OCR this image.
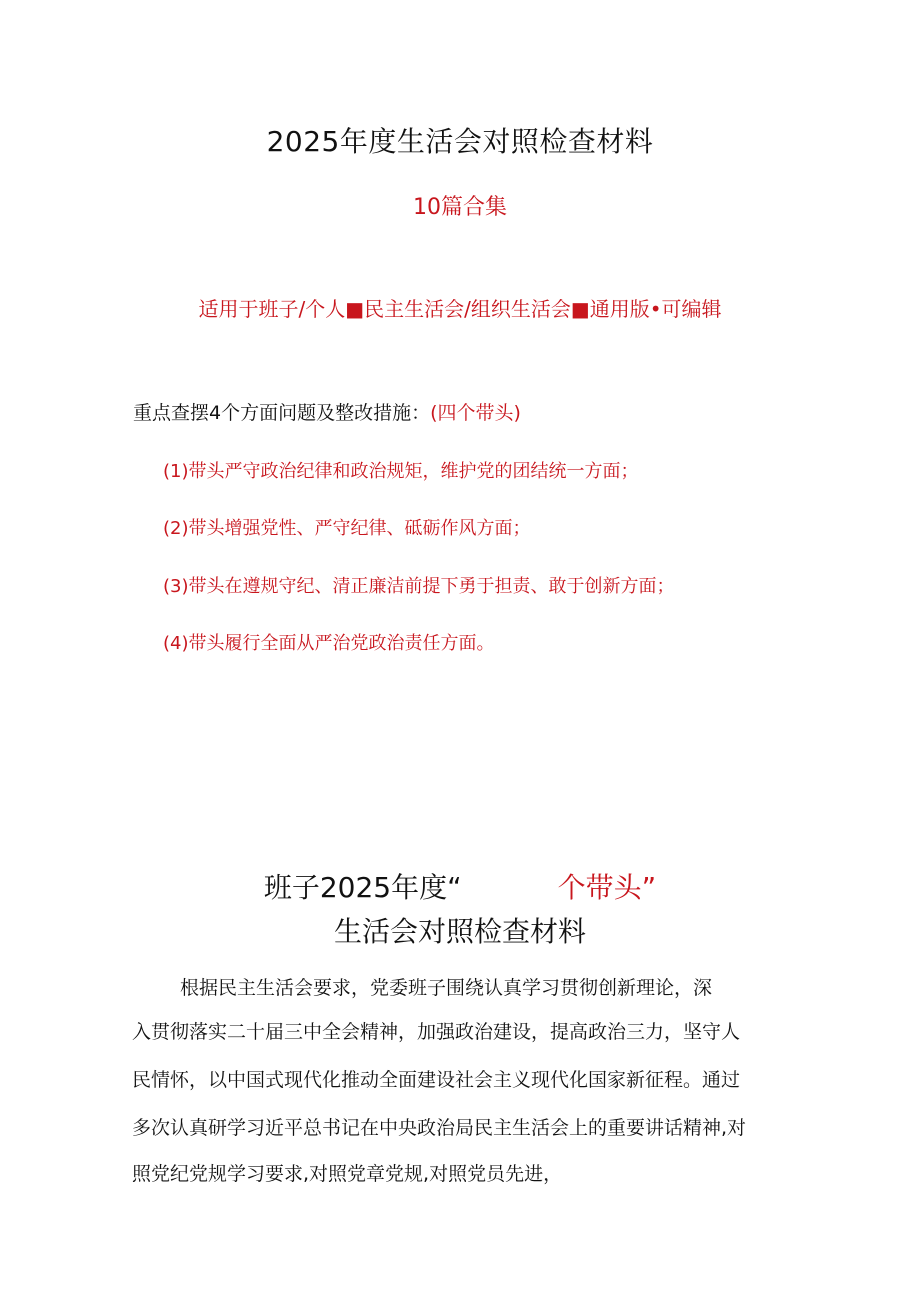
2025年度生活会对照检查材料
10篇合集
适用于班子/个人■民主生活会/组织生活会■通用版•可编辑
重点查摆4个方面问题及整改措施：(四个带头)
(1)带头严守政治纪律和政治规矩，维护党的团结统一方面；
(2)带头增强党性、严守纪律、砥砺作风方面；
(3)带头在遵规守纪、清正廉洁前提下勇于担责、敢于创新方面；
(4)带头履行全面从严治党政治责任方面。
班子2025年度“	个带头”
生活会对照检查材料
根据民主生活会要求，党委班子围绕认真学习贯彻创新理论，深
入贯彻落实二十届三中全会精神，加强政治建设，提高政治三力，坚守人
民情怀，以中国式现代化推动全面建设社会主义现代化国家新征程。通过
多次认真研学习近平总书记在中央政治局民主生活会上的重要讲话精神,对
照党纪党规学习要求,对照党章党规,对照党员先进，
